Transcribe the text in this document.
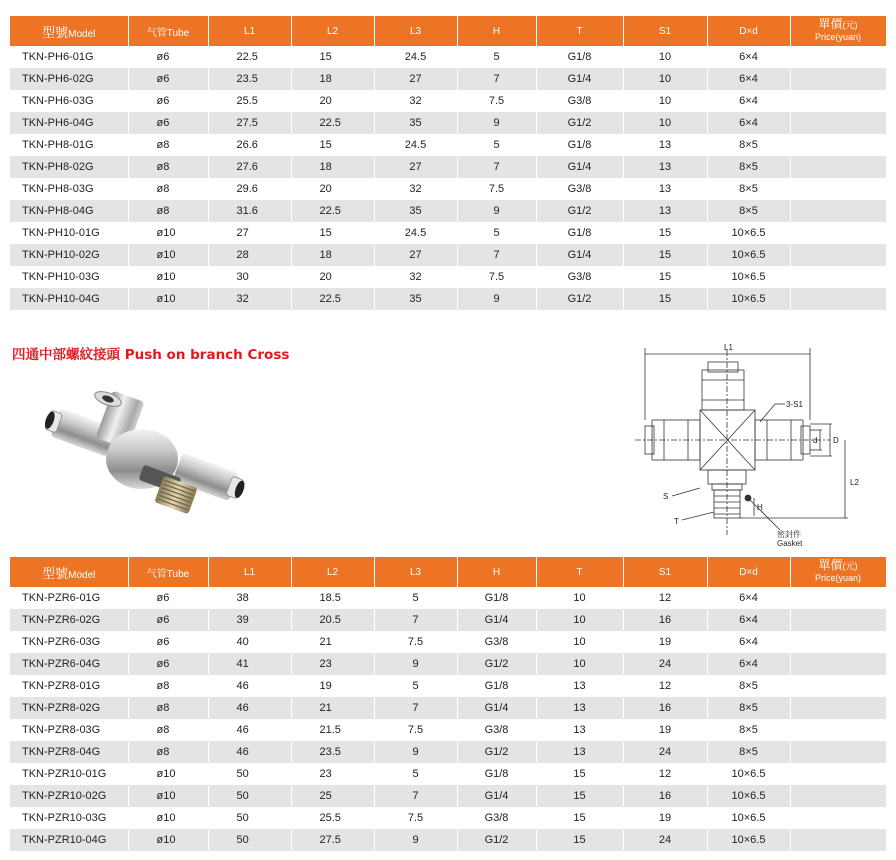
型號Model	气管Tube	L1	L2	L3	H	T	S1	D×d	單價(元)
Price(yuan)
TKN-PH6-01G	ø6	22.5	15	24.5	5	G1/8	10	6×4	
TKN-PH6-02G	ø6	23.5	18	27	7	G1/4	10	6×4	
TKN-PH6-03G	ø6	25.5	20	32	7.5	G3/8	10	6×4	
TKN-PH6-04G	ø6	27.5	22.5	35	9	G1/2	10	6×4	
TKN-PH8-01G	ø8	26.6	15	24.5	5	G1/8	13	8×5	
TKN-PH8-02G	ø8	27.6	18	27	7	G1/4	13	8×5	
TKN-PH8-03G	ø8	29.6	20	32	7.5	G3/8	13	8×5	
TKN-PH8-04G	ø8	31.6	22.5	35	9	G1/2	13	8×5	
TKN-PH10-01G	ø10	27	15	24.5	5	G1/8	15	10×6.5	
TKN-PH10-02G	ø10	28	18	27	7	G1/4	15	10×6.5	
TKN-PH10-03G	ø10	30	20	32	7.5	G3/8	15	10×6.5	
TKN-PH10-04G	ø10	32	22.5	35	9	G1/2	15	10×6.5	
四通中部螺紋接頭 Push on branch Cross	L1
3-S1
D
d
L2
S
T
H
密封件
Gasket
型號Model	气管Tube	L1	L2	L3	H	T	S1	D×d	單價(元)
Price(yuan)
TKN-PZR6-01G	ø6	38	18.5	5	G1/8	10	12	6×4	
TKN-PZR6-02G	ø6	39	20.5	7	G1/4	10	16	6×4	
TKN-PZR6-03G	ø6	40	21	7.5	G3/8	10	19	6×4	
TKN-PZR6-04G	ø6	41	23	9	G1/2	10	24	6×4	
TKN-PZR8-01G	ø8	46	19	5	G1/8	13	12	8×5	
TKN-PZR8-02G	ø8	46	21	7	G1/4	13	16	8×5	
TKN-PZR8-03G	ø8	46	21.5	7.5	G3/8	13	19	8×5	
TKN-PZR8-04G	ø8	46	23.5	9	G1/2	13	24	8×5	
TKN-PZR10-01G	ø10	50	23	5	G1/8	15	12	10×6.5	
TKN-PZR10-02G	ø10	50	25	7	G1/4	15	16	10×6.5	
TKN-PZR10-03G	ø10	50	25.5	7.5	G3/8	15	19	10×6.5	
TKN-PZR10-04G	ø10	50	27.5	9	G1/2	15	24	10×6.5	
